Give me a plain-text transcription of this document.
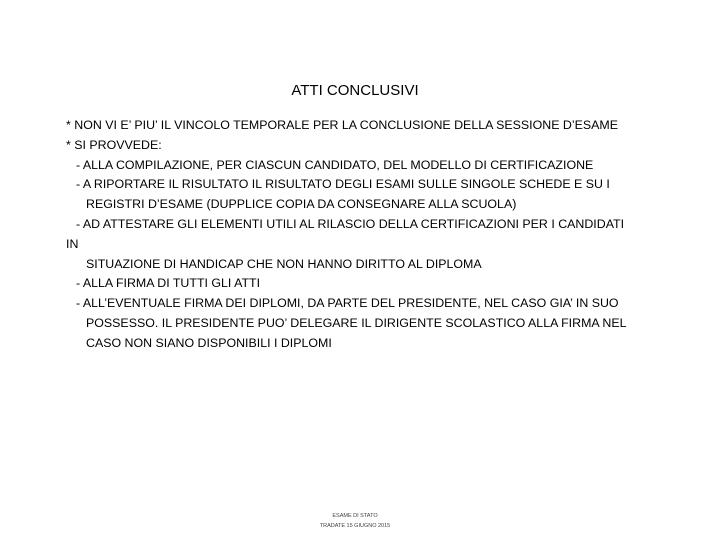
ATTI CONCLUSIVI
* NON VI E’ PIU’ IL VINCOLO TEMPORALE PER LA CONCLUSIONE DELLA SESSIONE D’ESAME
* SI PROVVEDE:
- ALLA COMPILAZIONE, PER CIASCUN CANDIDATO, DEL MODELLO DI CERTIFICAZIONE
- A RIPORTARE IL RISULTATO IL RISULTATO DEGLI ESAMI SULLE SINGOLE SCHEDE E SU I
REGISTRI D’ESAME (DUPPLICE COPIA DA CONSEGNARE ALLA SCUOLA)
- AD ATTESTARE GLI ELEMENTI UTILI AL RILASCIO DELLA CERTIFICAZIONI PER I CANDIDATI
IN
SITUAZIONE DI HANDICAP CHE NON HANNO DIRITTO AL DIPLOMA
- ALLA FIRMA DI TUTTI GLI ATTI
- ALL’EVENTUALE FIRMA DEI DIPLOMI, DA PARTE DEL PRESIDENTE, NEL CASO GIA’ IN SUO
POSSESSO. IL PRESIDENTE PUO’ DELEGARE IL DIRIGENTE SCOLASTICO ALLA FIRMA NEL
CASO NON SIANO DISPONIBILI I DIPLOMI
ESAME DI STATO
TRADATE 15 GIUGNO 2015
